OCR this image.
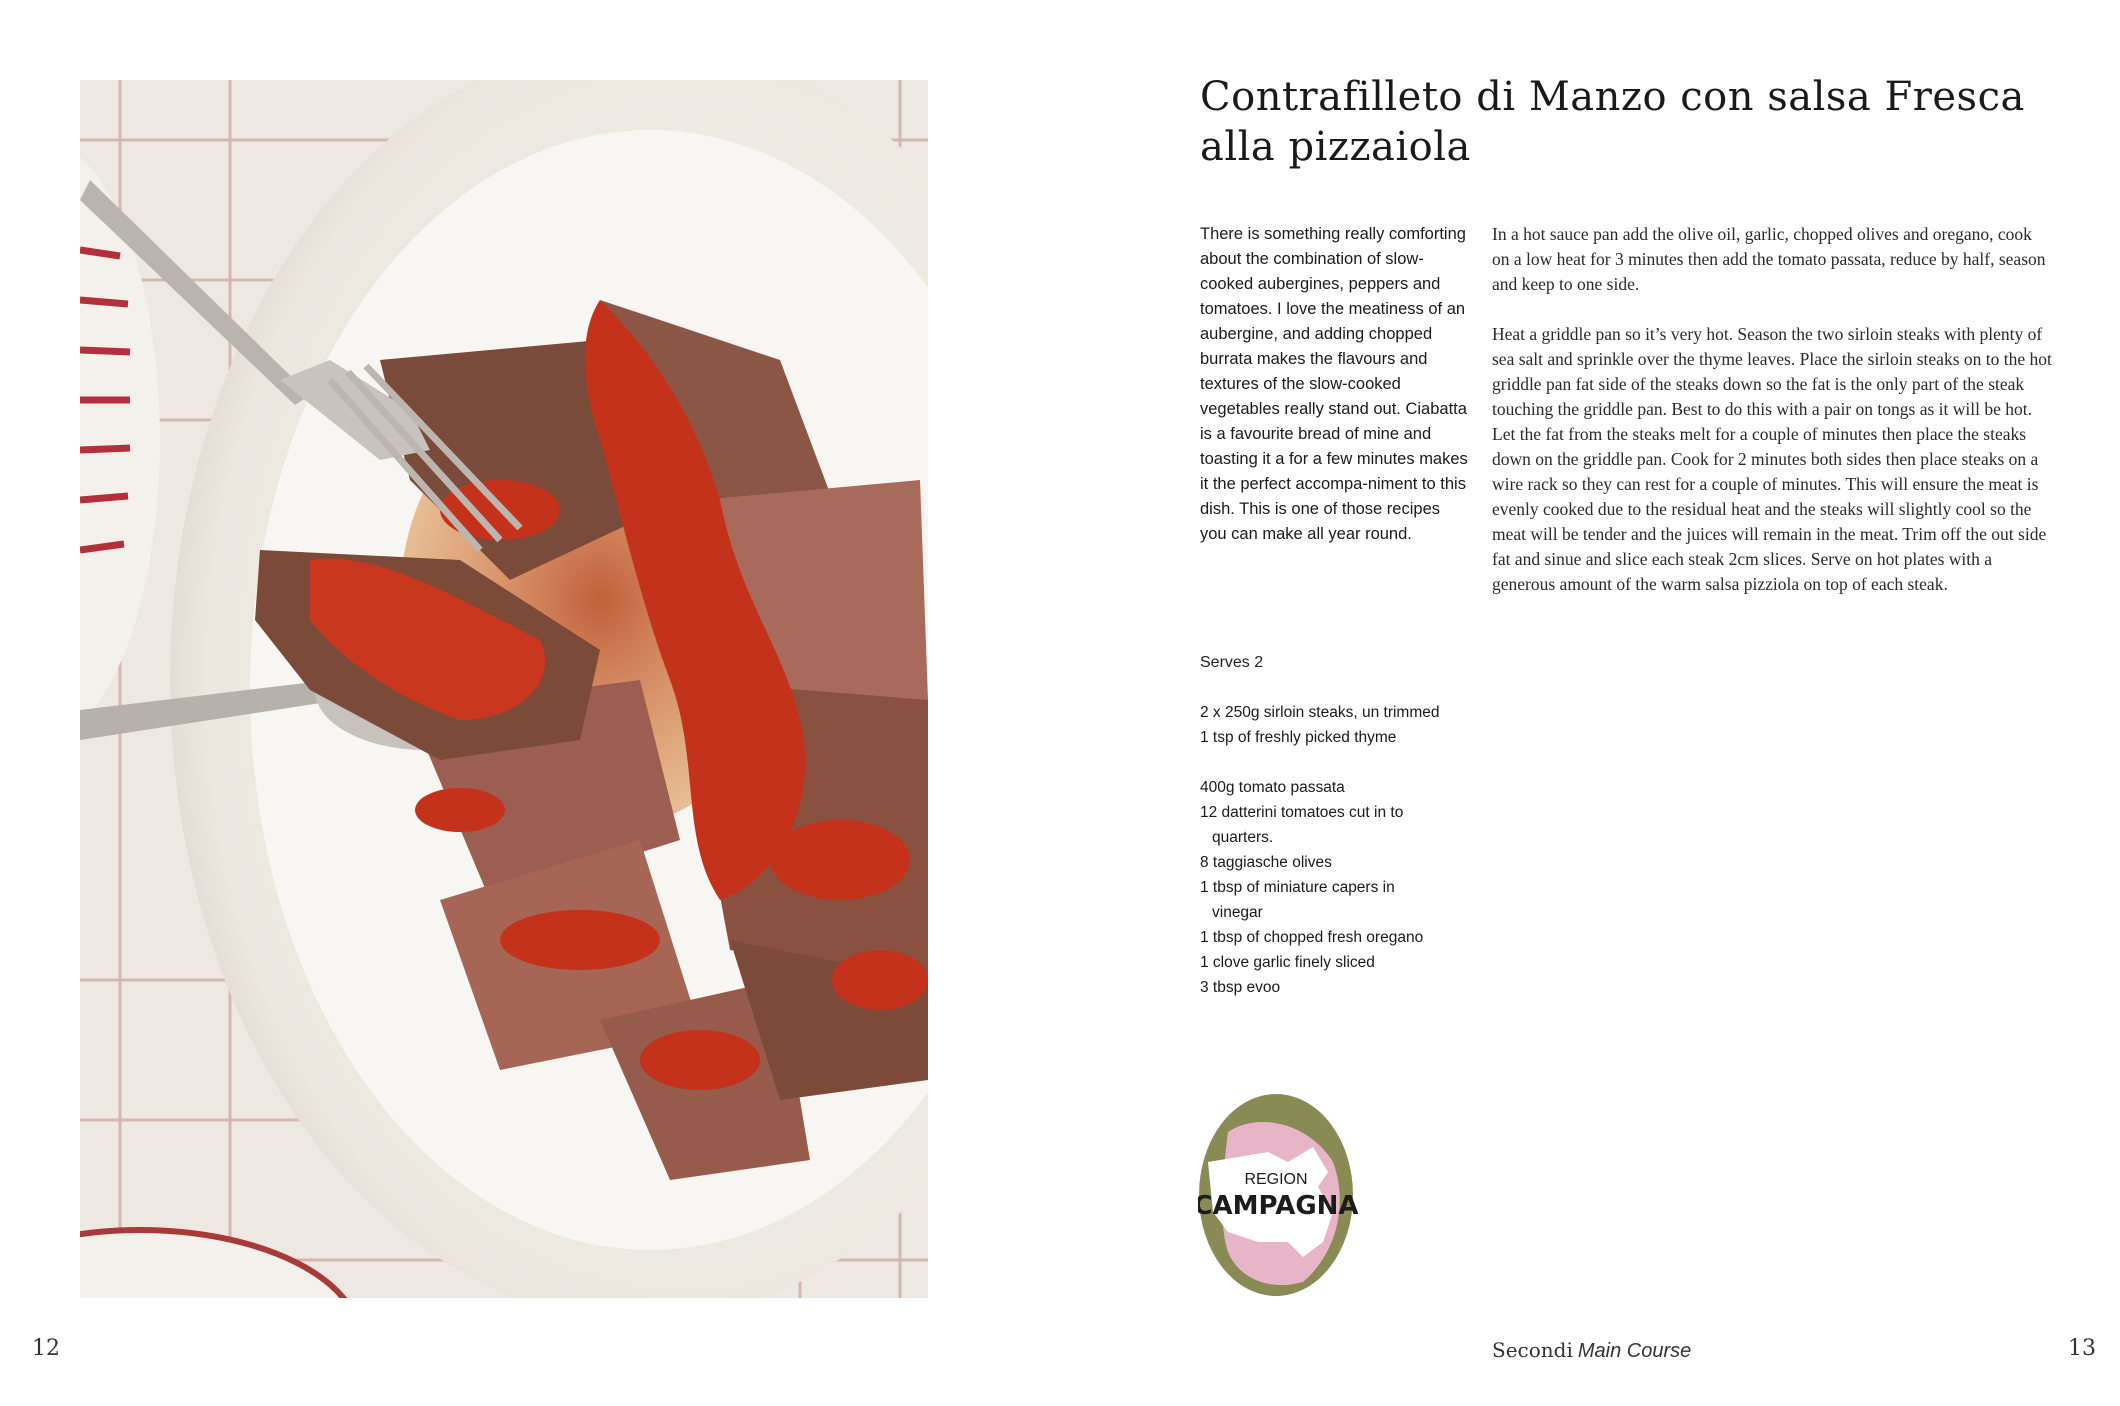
Contrafilleto di Manzo con salsa Fresca alla pizzaiola

There is something really comforting about the combination of slow-cooked aubergines, peppers and tomatoes. I love the meatiness of an aubergine, and adding chopped burrata makes the flavours and textures of the slow-cooked vegetables really stand out. Ciabatta is a favourite bread of mine and toasting it a for a few minutes makes it the perfect accompa-niment to this dish. This is one of those recipes you can make all year round.

Serves 2
2 x 250g sirloin steaks, un trimmed
1 tsp of freshly picked thyme
400g tomato passata
12 datterini tomatoes cut in to
quarters.
8 taggiasche olives
1 tbsp of miniature capers in
vinegar
1 tbsp of chopped fresh oregano
1 clove garlic finely sliced
3 tbsp evoo

In a hot sauce pan add the olive oil, garlic, chopped olives and oregano, cook on a low heat for 3 minutes then add the tomato passata, reduce by half, season and keep to one side.

Heat a griddle pan so it’s very hot. Season the two sirloin steaks with plenty of sea salt and sprinkle over the thyme leaves. Place the sirloin steaks on to the hot griddle pan fat side of the steaks down so the fat is the only part of the steak touching the griddle pan. Best to do this with a pair on tongs as it will be hot. Let the fat from the steaks melt for a couple of minutes then place the steaks down on the griddle pan. Cook for 2 minutes both sides then place steaks on a wire rack so they can rest for a couple of minutes. This will ensure the meat is evenly cooked due to the residual heat and the steaks will slightly cool so the meat will be tender and the juices will remain in the meat. Trim off the out side fat and sinue and slice each steak 2cm slices. Serve on hot plates with a generous amount of the warm salsa pizziola on top of each steak.

REGION
CAMPAGNA
12	Secondi Main Course	13
